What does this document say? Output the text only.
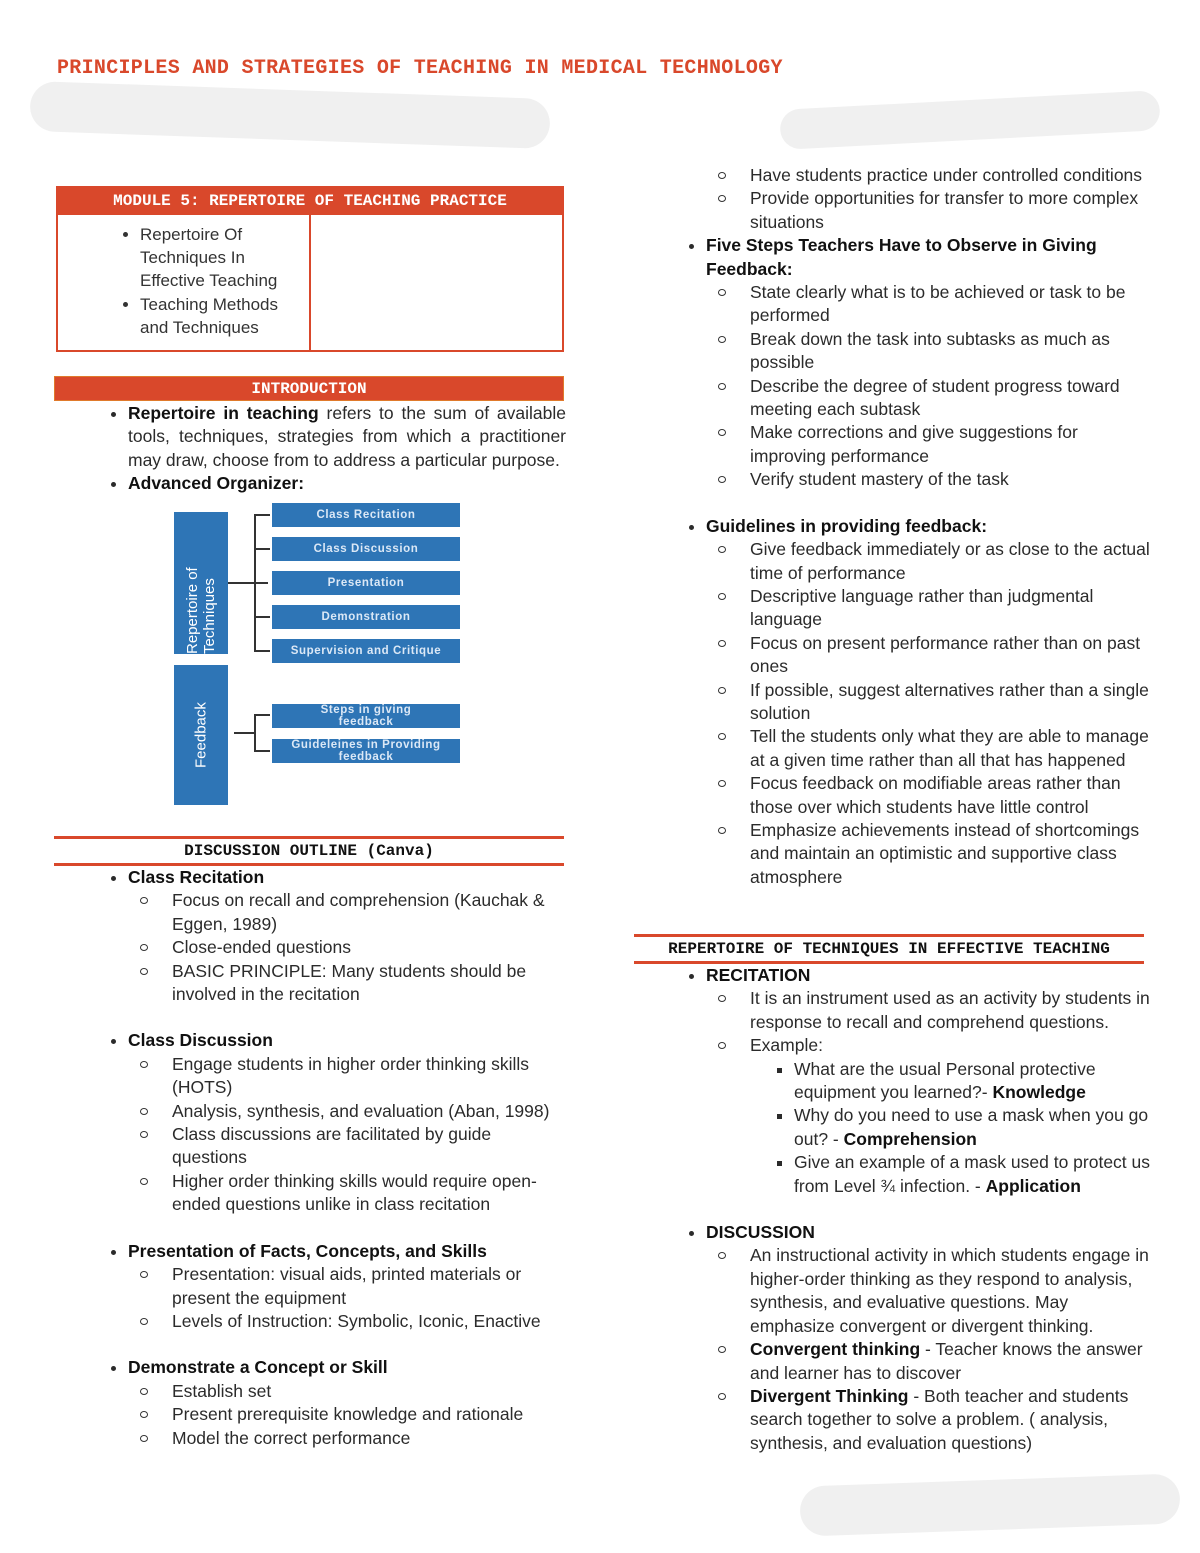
PRINCIPLES AND STRATEGIES OF TEACHING IN MEDICAL TECHNOLOGY
MODULE 5: REPERTOIRE OF TEACHING PRACTICE
• Repertoire Of Techniques In Effective Teaching
• Teaching Methods and Techniques
INTRODUCTION
• Repertoire in teaching refers to the sum of available tools, techniques, strategies from which a practitioner may draw, choose from to address a particular purpose.
• Advanced Organizer:
Repertoire of Techniques
Feedback
Class Recitation
Class Discussion
Presentation
Demonstration
Supervision and Critique
Steps in giving feedback
Guideleines in Providing feedback
DISCUSSION OUTLINE (Canva)
• Class Recitation
Focus on recall and comprehension (Kauchak & Eggen, 1989)
Close-ended questions
BASIC PRINCIPLE: Many students should be involved in the recitation
• Class Discussion
Engage students in higher order thinking skills (HOTS)
Analysis, synthesis, and evaluation (Aban, 1998)
Class discussions are facilitated by guide questions
Higher order thinking skills would require open-ended questions unlike in class recitation
• Presentation of Facts, Concepts, and Skills
Presentation: visual aids, printed materials or present the equipment
Levels of Instruction: Symbolic, Iconic, Enactive
• Demonstrate a Concept or Skill
Establish set
Present prerequisite knowledge and rationale
Model the correct performance
Have students practice under controlled conditions
Provide opportunities for transfer to more complex situations
• Five Steps Teachers Have to Observe in Giving Feedback:
State clearly what is to be achieved or task to be performed
Break down the task into subtasks as much as possible
Describe the degree of student progress toward meeting each subtask
Make corrections and give suggestions for improving performance
Verify student mastery of the task
• Guidelines in providing feedback:
Give feedback immediately or as close to the actual time of performance
Descriptive language rather than judgmental language
Focus on present performance rather than on past ones
If possible, suggest alternatives rather than a single solution
Tell the students only what they are able to manage at a given time rather than all that has happened
Focus feedback on modifiable areas rather than those over which students have little control
Emphasize achievements instead of shortcomings and maintain an optimistic and supportive class atmosphere
REPERTOIRE OF TECHNIQUES IN EFFECTIVE TEACHING
• RECITATION
It is an instrument used as an activity by students in response to recall and comprehend questions.
Example:
▪ What are the usual Personal protective equipment you learned?- Knowledge
▪ Why do you need to use a mask when you go out? - Comprehension
▪ Give an example of a mask used to protect us from Level ¾ infection. - Application
• DISCUSSION
An instructional activity in which students engage in higher-order thinking as they respond to analysis, synthesis, and evaluative questions. May emphasize convergent or divergent thinking.
Convergent thinking - Teacher knows the answer and learner has to discover
Divergent Thinking - Both teacher and students search together to solve a problem. ( analysis, synthesis, and evaluation questions)
